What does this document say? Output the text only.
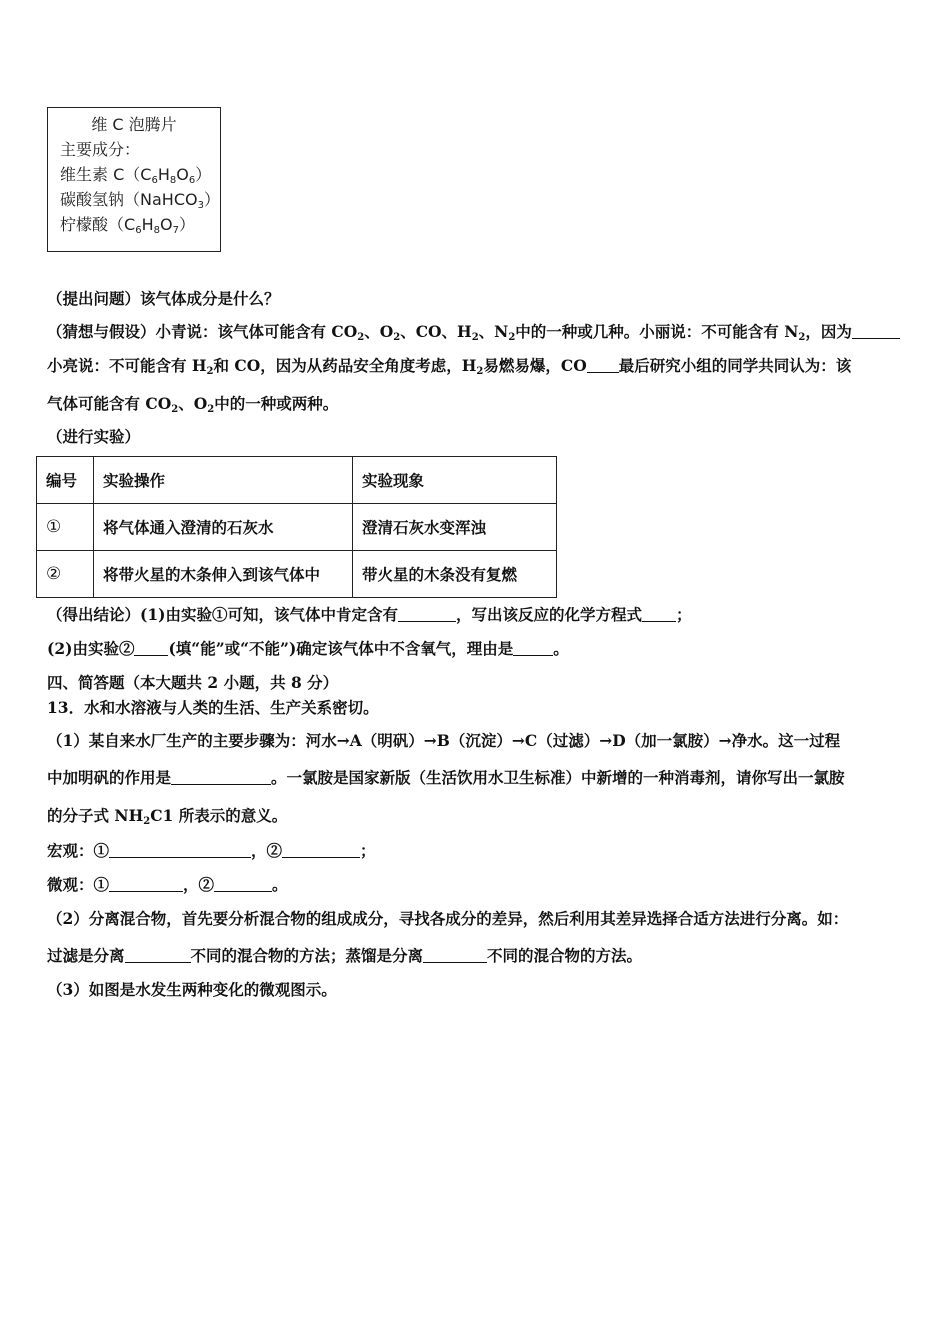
维 C 泡腾片
主要成分：
维生素 $C(C_6H_8O_6)$
碳酸氢钠（NaHCO$_3$）
柠檬酸$(C_6H_8O_7)$
（提出问题）该气体成分是什么？
（猜想与假设）小青说：该气体可能含有 $CO_2$、$O_2$、CO、$H_2$、$N_2$中的一种或几种。小丽说：不可能含有 $N_2$，因为
小亮说：不可能含有 $H_2$和 CO，因为从药品安全角度考虑，$H_2$易燃易爆，CO 最后研究小组的同学共同认为：该
气体可能含有 $CO_2$、$O_2$中的一种或两种。
（进行实验）
编号	实验操作	实验现象
①	将气体通入澄清的石灰水	澄清石灰水变浑浊
②	将带火星的木条伸入到该气体中	带火星的木条没有复燃
（得出结论）(1)由实验①可知，该气体中肯定含有	，写出该反应的化学方程式 ；
(2)由实验② (填“能”或“不能”)确定该气体中不含氧气，理由是	。
四、简答题（本大题共 2 小题，共 8 分）
13．水和水溶液与人类的生活、生产关系密切。
（1）某自来水厂生产的主要步骤为：河水→A（明矾）→B（沉淀）→C（过滤）→D（加一氯胺）→净水。这一过程
中加明矾的作用是	。一氯胺是国家新版（生活饮用水卫生标准）中新增的一种消毒剂，请你写出一氯胺
的分子式 $NH_2C1$ 所表示的意义。
宏观：①	，②	；
微观：①	，②	。
（2）分离混合物，首先要分析混合物的组成成分，寻找各成分的差异，然后利用其差异选择合适方法进行分离。如：
过滤是分离	不同的混合物的方法；蒸馏是分离	不同的混合物的方法。
（3）如图是水发生两种变化的微观图示。
